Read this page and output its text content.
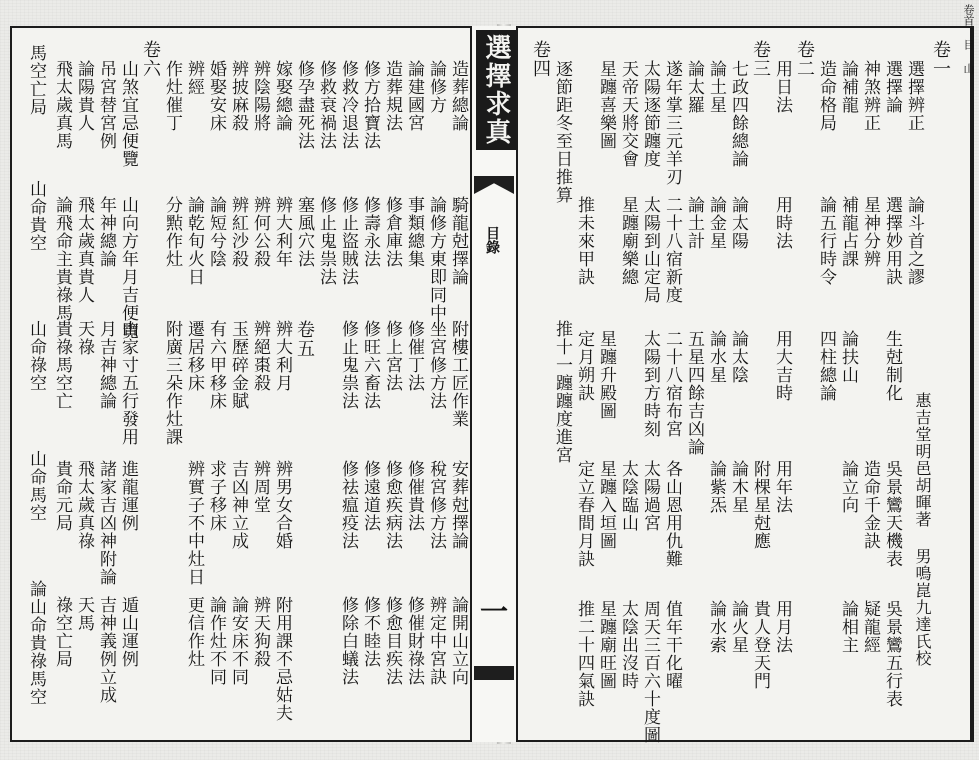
選擇求真
目錄
一	惠吉堂明邑胡暉著 男鳴崑九達氏校
卷一
選擇辨正
選擇論
神煞辨正
論斗首之謬
選擇妙用訣
星神分辨
吳景鸞天機表
吳景鸞五行表
造命千金訣
疑龍經
生尅制化
論補龍
造命格局
補龍占課
論五行時令
論扶山
四柱總論
論立向
論相主
卷二
用日法
用時法
用大吉時
用年法
用月法
附棵星尅應
貴人登天門
卷三
七政四餘總論
論太陽
論太陰
論木星
論火星
論土星
論金星
論水星
論紫炁
論水索
論太羅
論土計
五星四餘吉凶論
各山恩用仇難
值年干化曜
遂年掌三元羊刃
二十八宿新度
二十八宿布宮
太陽過宮
周天三百六十度圖
太陽逐節躔度
太陽到山定局
太陽到方時刻
太陰臨山
太陰出沒時
天帝天將交會
星躔廟樂總
星躔升殿圖
星躔入垣圖
星躔廟旺圖
星躔喜樂圖
推未來甲訣
定月朔訣
定立春間月訣
推二十四氣訣
逐節距冬至日推算
推十一躔躔度進宮
卷四
造葬總論
論修方
論建國宮
造葬規法
修方拾寶法
修救冷退法
修救衰禍法
修孕盡死法
修止盜賊法
塞風穴法	騎龍尅擇論
論修方東即同中
事類總集
修倉庫法
修壽永法
修止鬼祟法
附樓工匠作業
坐宮修方法
修催丁法
修上宮法
修旺六畜法
修止鬼祟法
安葬尅擇論
稅宮修方法
修催貴法
修愈疾病法
修遠道法
修祛瘟疫法
論開山立向
辨定中宮訣
修催財祿法
修愈目疾法
修不睦法
修除白蟻法
卷五
嫁娶總論
辨陰陽將
辨披麻殺
婚娶安床
辨紅沙殺
論短兮陰	辨大利年
辨何公殺
論乾旬火日
辨大利月
辨絕棗殺
玉歷碎金賦
辨男女合婚
辨周堂
吉凶神立成
附用課不忌姑夫
辨天狗殺
論安床不同
辨經
作灶催丁
分㸃作灶
有六甲移床
遷居移床
附廣三朵作灶課
求子移床
辨實子不中灶日
論作灶不同
更信作灶
卷六
山煞宜忌便覽
吊宮替宮例
論陽貴人
飛太歲真馬
山向方年月吉便覽
年神總論
飛太歲真貴人
論飛命主貴祿馬
山家寸五行發用
月吉神總論
天祿
貴祿馬空亡
進龍運例
諸家吉凶神附論
飛太歲真祿
貴命元局
遁山運例
吉神義例立成
天馬
祿空亡局
山命貴空
山命祿空
山命馬空
論山命貴祿馬空
馬空亡局
卷首 目 山
